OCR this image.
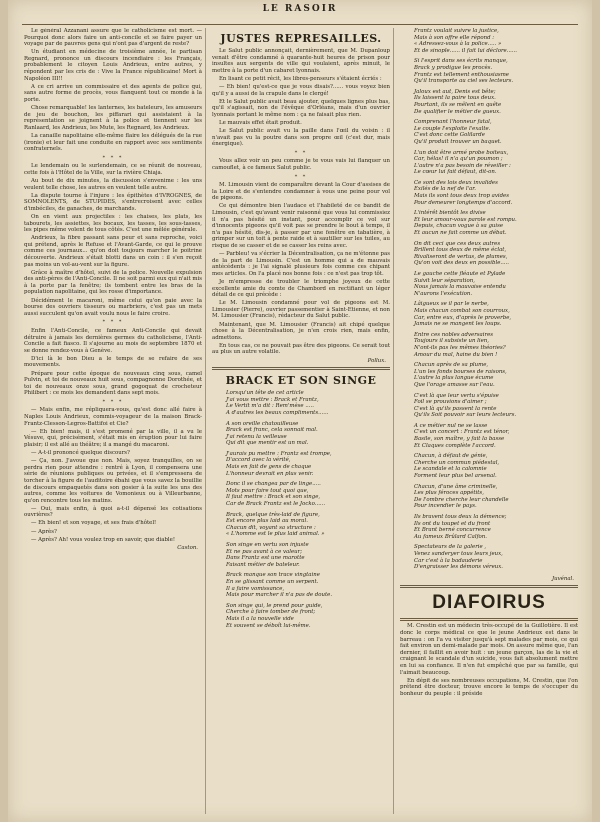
LE RASOIR

Le général Azzanani assure que le catholicisme est mort. — Pourquoi donc alors faire un anti-concile et se faire payer un voyage par de pauvres gens qui n'ont pas d'argent de reste?

Un étudiant en médecine de troisième année, le partisan Regnard, prononce un discours incendiaire : les Français, probablement le citoyen Louis Andrieux, entre autres, y répondent par les cris de : Vive la France républicaine! Mort à Napoléon III!!

A ce cri arrive un commissaire et des agents de police qui, sans autre forme de procès, vous flanquent tout ce monde à la porte.

Chose remarquable! les lanternes, les bateleurs, les amuseurs de jeu de bouchon, les piffarari qui assistaient à la représentation se joignent à la police et tiennent sur les Ranlaard, les Andrieux, les Mute, les Regnard, les Andrieux.

La canaille napolitaine elle-même flaire les délégués de la rue (ironie) et leur fait une conduite en rapport avec ses sentiments confraternels.

* * *

Le lendemain ou le surlendemain, ce se réunit de nouveau, cette fois à l'Hôtel de la Ville, sur la rivière Chiaja.

Au bout de dix minutes, la discussion s'envenime : les uns veulent telle chose, les autres en veulent telle autre.

La dispute tourne à l'injure : les épithètes d'IVROGNES, de SOMNOLENTS, de STUPIDES, s'entrecroisent avec celles d'imbéciles, de ganaches, de marchands.

On en vient aux projectiles : les chaises, les plats, les tabourets, les assiettes, les bocaux, les tasses, les sous-tasses, les pipes même volent de tous côtés. C'est une mêlée générale.

Andrieux, la fibre passant sans peur et sans reproche, voici qui prétend, après le Refuse et l'Avant-Garde, ce qui le prouve comme ces journaux... qu'on doit toujours marcher le poitrine découverte. Andrieux s'était blotti dans un coin : il s'en reçoit pas moins un vol-au-vent sur la figure.

Grâce à maître d'hôtel, suivi de la police. Nouvelle expulsion des anti-pères de l'Anti-Concile. Il ne soit parmi eux qui n'ait mis à la porte par la fenêtre; ils tombent entre les bras de la population napolitaine, qui les rosse d'importance.

Décidément le macaroni, même celui qu'on paie avec la bourse des ouvriers tisseurs ou marbriers, c'est pas un mets aussi succulent qu'on avait voulu nous le faire croire.

* * *

Enfin l'Anti-Concile, ce fameux Anti-Concile qui devait détruire à jamais les dernières germes du catholicisme, l'Anti-Concile a fait fiasco. Il s'ajourne au mois de septembre 1870 et se donne rendez-vous à Genève.

D'ici là le bon Dieu a le temps de se refaire de ses mouvements.

Prépare pour cette époque de nouveaux cinq sous, camel Pulvin, et toi de nouveaux huit sous, compagnonne Dorothée, et toi de nouveaux onze sous, grand gogoquat de crocheteur Philibert : ce mois les demandent dans sept mois.

* * *

— Mais enfin, me répliquera-vous, qu'est donc allé faire à Naples Louis Andrieux, commis-voyageur de la maison Brack-Frantz-Clesson-Legros-Battifoi et Cie?

— Eh bien! mais, il s'est promené par la ville, il a vu le Vésuve, qui, précisément, s'était mis en éruption pour lui faire plaisir; il est allé au théâtre; il a mangé du macaroni.

— A-t-il prononcé quelque discours?

— Ça, non. J'avoue que non. Mais, soyez tranquilles, on se perdra rien pour attendre : rentré à Lyon, il compensera une série de réunions publiques ou privées, et il s'empressera de torcher à la figure de l'auditoire ébahi que vous savez la bouillie de discours empaquetés dans son gosier à la suite les uns des autres, comme les voitures de Vomonieux ou à Villeurbanne, qu'on rencontre tous les matins.

— Oui, mais enfin, à quoi a-t-il dépensé les cotisations ouvrières?

— Eh bien! et son voyage, et ses frais d'hôtel!

— Après?

— Après? Ah! vous voulez trop en savoir, que diable!

Caston.
JUSTES REPRESAILLES.

Le Salut public annonçait, dernièrement, que M. Dupanloup venait d'être condamné à quarante-huit heures de prison pour insultes aux sergents de ville qui voulaient, après minuit, le mettre à la porte d'un cabaret lyonnais.

En lisant ce petit récit, les libres-penseurs s'étaient écriés :

— Eh bien! qu'est-ce que je vous disais?...... vous voyez bien qu'il y a aussi de la crapule dans le clergé!

Et le Salut public avait beau ajouter, quelques lignes plus bas, qu'il s'agissait, non de l'évêque d'Orléans, mais d'un ouvrier lyonnais portant le même nom : ça ne faisait plus rien.

Le mauvais effet était produit.

Le Salut public avait vu la paille dans l'œil du voisin : il n'avait pas vu la poutre dans son propre œil (c'est dur, mais énergique).

* *

Vous allez voir un peu comme je te vous vais lui flanquer un camouflet, à ce fameux Salut public.

* *

M. Limousin vient de comparaître devant la Cour d'assises de la Loire et de s'entendre condamner à vous une peine pour vol de pigeons.

Ce qui démontre bien l'audace et l'habileté de ce bandit de Limousin, c'est qu'avant venir raisonné que vous lui commissiez il n'a pas hésité un instant, pour accomplir ce vol sur d'innocents pigeons qu'il voit pas se prendre le bout à temps, il n'a pas hésité, dis-je, à passer par une fenêtre en tabatière, à grimper sur un toit à pente raide et à sautiller sur les tuiles, au risque de se casser et de se casser les reins avec.

— Parbleu! va s'écrier la Décentralisation, ça ne m'étonne pas de la part de Limousin. C'est un homme qui a de mauvais antécédents : je l'ai signalé plusieurs fois comme ces chipant mes articles. On l'a placé nos bonne fois : ce n'est pas trop tôt.

Je m'empresse de troubler le triomphe joyeux de cette excellente amie du comte de Chambord en rectifiant un léger détail de ce qui précède :

Le M. Limousin condamné pour vol de pigeons est M. Limousier (Pierre), ouvrier passementier à Saint-Etienne, et non M. Limousier (Francis), rédacteur du Salut public.

Maintenant, que M. Limousier (Francis) ait chipé quelque chose à la Décentralisation, je n'en crois rien, mais enfin, admettons.

En tous cas, ce ne pouvait pas être des pigeons. Ce serait tout au plus un autre volatile.

Pollux.
BRACK ET SON SINGE
Lorsqu'un tête de cet article
J'ai vous mettre : Brack et Frantz,
Le Vertit m'a dit : Rem'mèse .....
A d'autres les beaux compliments......
A son oreille chatouilleuse
Brack est franc, cela sonnait mal.
J'ai retenu la veilleuse
Qui dit que mentir est un mal.
J'aurais pu mettre : Frantz est trompe,
D'accord avec la vérité,
Mais en fait de gens de chaque
L'honneur devrait en plus venir.
Donc il se changea par de linge.....
Mots pour faire tout quoi que,
Il faut mettre : Brack et son singe,
Car de Brack Frantz est le Jocko......
Brack, quelque très-laid de figure,
Est encore plus laid au moral.
Chacun dit, voyant sa structure :
« L'homme est le plus laid animal. »
Son singe en vertu son injuste
Et ne pas avant à ce valeur;
Dans Frantz est une marotte
Faisant métier de bateleur.
Brack manque son trace vingtaine
En se glissant comme un serpent.
Il a faire vomissance,
Mais pour marcher il n'a pas de doute.
Son singe qui, le prend pour guide,
Cherche à faire tomber de front;
Mais il a la nouvelle vide
Et souvent se déboît lui-même.
Frantz voulait suivre la justice,
Mais à son offre elle répond :
« Adressez-vous à la police..... »
Et de sinople...... il fait lui déclore......
Si l'esprit dans ses écrits manque,
Brack y prodigue les procès.
Frantz est tellement enthousiasme
Qu'il transporte au ciel ses lecteurs.
Jaloux est aut, Denis est bête;
Ils laissent la paire tous deux.
Pourtant, ils se mêlent en quête
De qualifier le métier de gueux.
Comprenant l'honneur fatal,
Le couple l'exploite l'exalte.
C'est donc cette Golilarde
Qu'il produit trouver un baquet.
L'un doit être armé probe boiteux,
Car, hélas! il n'a qu'un poumon ;
L'autre n'a pas besoin de réveiller :
Le cœur lui fait défaut, dit-on.
Ce sont des lois deux invalides
Exilés de la nef de l'ar.
Mais ils sont tous deux trop avides
Pour demeurer longtemps d'accord.
L'intérêt bientôt les divise
Et leur amour-vous parole est rompu.
Depuis, chacun vogue à sa guise
Et aucun ne fait comme un débat.
On dit ceci que ces deux autres
Brillent tous deux de même éclat,
Rivaliseront de vertus, de plumes,
Qu'on voit des deux en possible.....
Le gauche cette fléaute et Pylade
Suivit leur séparation,
Nous jamais la mauvaise entendu
N'aurons l'exécution.
Lâigueux se il par le nerbe,
Mais chacun combat son courroux,
Car, entre eux, d'après le proverbe,
Jamais ne se mangent les loups.
Entre ces nobles adversaires
Toujours il subsiste un lien,
N'ont-ils pas les mêmes théories?
Amour du mal, haine du bien !
Chacun après de sa plume,
L'un les fonds bourses de raisons,
L'autre la plus langue écume
Que l'orage amasse sur l'eau.
C'est là que leur vertu s'épuise
Foil se prouvions d'aimer ;
C'est là qu'ils passent la rente
Qu'ils Soit pouvoir sur leurs lecteurs.
A ce métier nul ne se lasse
C'est un concert : Frantz est ténor,
Basile, son maître, y fait la basse
Et Claques complète l'accord.
Chacun, à défaut de génie,
Cherche un commun piédestal,
Le scandale et la calomnie
Forment leur plus bel arsenal.
Chacun, d'une âme criminelle,
Les plus féroces appétits,
De l'ombre cherche leur chandelle
Pour incendier le pays.
Ils bravent tous deux la démence;
Ils ont du toupet et du front
Et Brant berné concurrence
Au fameux Brûlard Calfon.
Spectateurs de la galerie ,
Venez sanderyer tous leurs jeux,
Car c'est à la badauderie
D'engraisser les démons véreux.
Juvénal.
DIAFOIRUS

M. Crestin est un médecin très-occupé de la Guillotière. Il est donc le corps médical ce que le jeune Andrieux est dans le barreau : on l'a vu visiter jusqu'à sept malades par mois, ce qui fait environ un demi-malade par mois. On assure même que, l'an dernier, il faillit en avoir huit : un jeune garçon, las de la vie et craignant le scandale d'un suicide, vous fait absolument mettre en lui sa confiance. Il n'en fut empêché que par sa famille, qui l'aimait beaucoup.

En dépit de ses nombreuses occupations, M. Crestin, que l'on prétend être docteur, trouve encore le temps de s'occuper du bonheur du peuple : il préside
